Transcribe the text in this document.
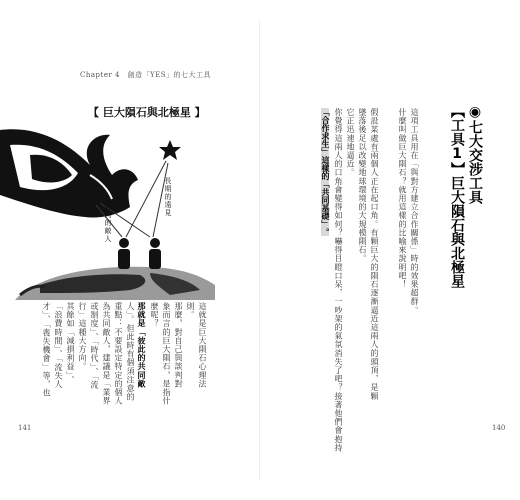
Chapter 4　創造「YES」的七大工具
【 巨大隕石與北極星 】
長期的遠見
共同的敵人
這就是巨大隕石心理法
則。
那麼，對自己與談判對
象而言的巨大隕石，是指什
麼呢？
那就是「彼此的共同敵
人」。但此時有個須注意的
重點：不要設定特定的個人
為共同敵人，建議是「業界
或制度」、「時代」、「流
行」這種大方向。
其餘如「減損利益」、
「浪費時間」、「流失人
才」、「喪失機會」等，也
141
◉七大交涉工具
【工具1】巨大隕石與北極星
這項工具用在「與對方建立合作關係」時的效果超群。
什麼叫做巨大隕石？就用這樣的比喻來說明吧！
假設某處有兩個人正在起口角。有顆巨大的隕石逐漸逼近這兩人的頭頂，是顆
墜落後足以改變地球環境的大規模隕石。
它正迅速地逼近。
你覺得這兩人的口角會變得如何？嚇得目瞪口呆，一吵架的氣氛消失了吧？接著他們會抱持
「合作求生」這樣的「共同基礎」。
140
